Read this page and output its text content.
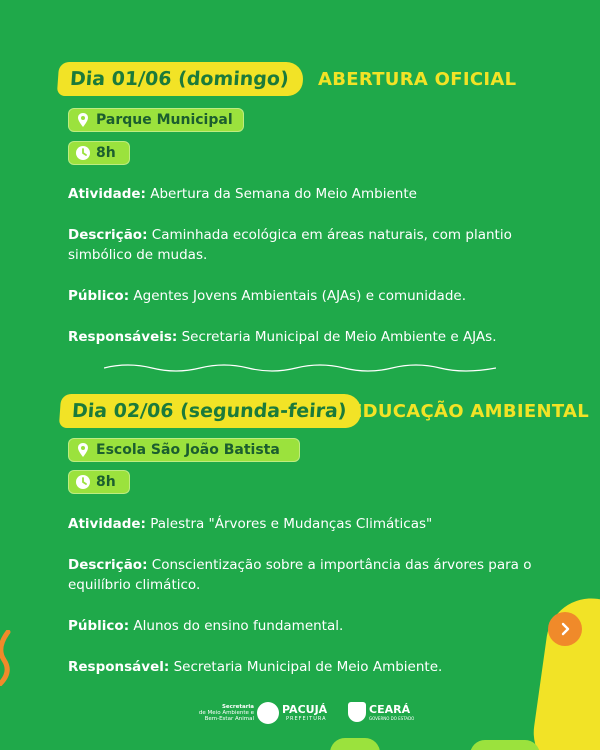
Dia 01/06 (domingo)	ABERTURA OFICIAL
Parque Municipal
8h

Atividade: Abertura da Semana do Meio Ambiente

Descrição: Caminhada ecológica em áreas naturais, com plantio simbólico de mudas.

Público: Agentes Jovens Ambientais (AJAs) e comunidade.

Responsáveis: Secretaria Municipal de Meio Ambiente e AJAs.

Dia 02/06 (segunda-feira) EDUCAÇÃO AMBIENTAL
Escola São João Batista
8h

Atividade: Palestra "Árvores e Mudanças Climáticas"

Descrição: Conscientização sobre a importância das árvores para o equilíbrio climático.

Público: Alunos do ensino fundamental.

Responsável: Secretaria Municipal de Meio Ambiente.

Secretaria
de Meio Ambiente e Bem-Estar Animal
PACUJÁ
PREFEITURA
CEARÁ
GOVERNO DO ESTADO
